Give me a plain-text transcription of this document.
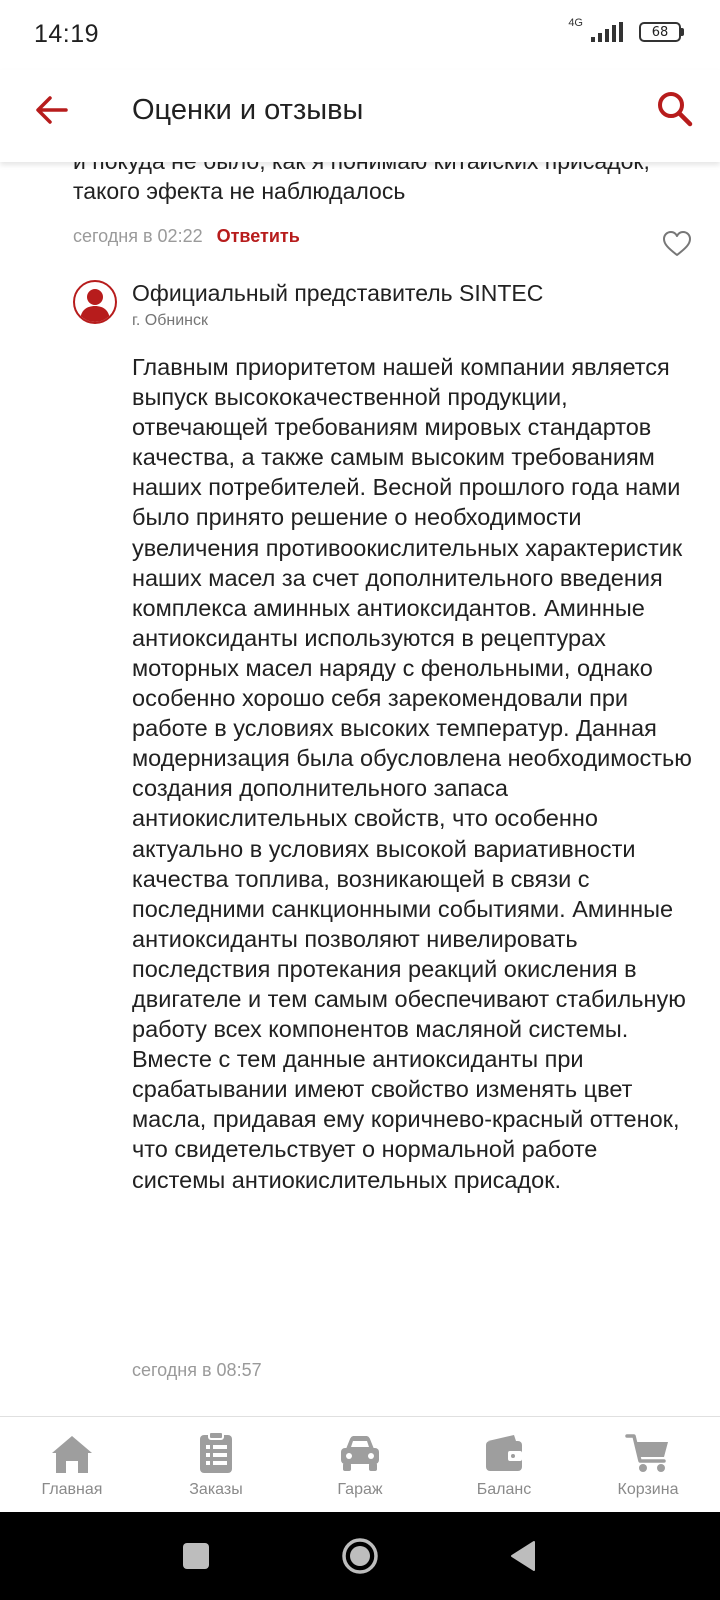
14:19	4G
68
Оценки и отзывы
такого эфекта не наблюдалось
сегодня в 02:22 Ответить
Официальный представитель SINTEC
г. Обнинск
Главным приоритетом нашей компании является выпуск высококачественной продукции, отвечающей требованиям мировых стандартов качества, а также самым высоким требованиям наших потребителей. Весной прошлого года нами было принято решение о необходимости увеличения противоокислительных характеристик наших масел за счет дополнительного введения комплекса аминных антиоксидантов. Аминные антиоксиданты используются в рецептурах моторных масел наряду с фенольными, однако особенно хорошо себя зарекомендовали при работе в условиях высоких температур. Данная модернизация была обусловлена необходимостью создания дополнительного запаса антиокислительных свойств, что особенно актуально в условиях высокой вариативности качества топлива, возникающей в связи с последними санкционными событиями. Аминные антиоксиданты позволяют нивелировать последствия протекания реакций окисления в двигателе и тем самым обеспечивают стабильную работу всех компонентов масляной системы. Вместе с тем данные антиоксиданты при срабатывании имеют свойство изменять цвет масла, придавая ему коричнево-красный оттенок, что свидетельствует о нормальной работе системы антиокислительных присадок.
сегодня в 08:57
Главная	Заказы	Гараж	Баланс	Корзина
